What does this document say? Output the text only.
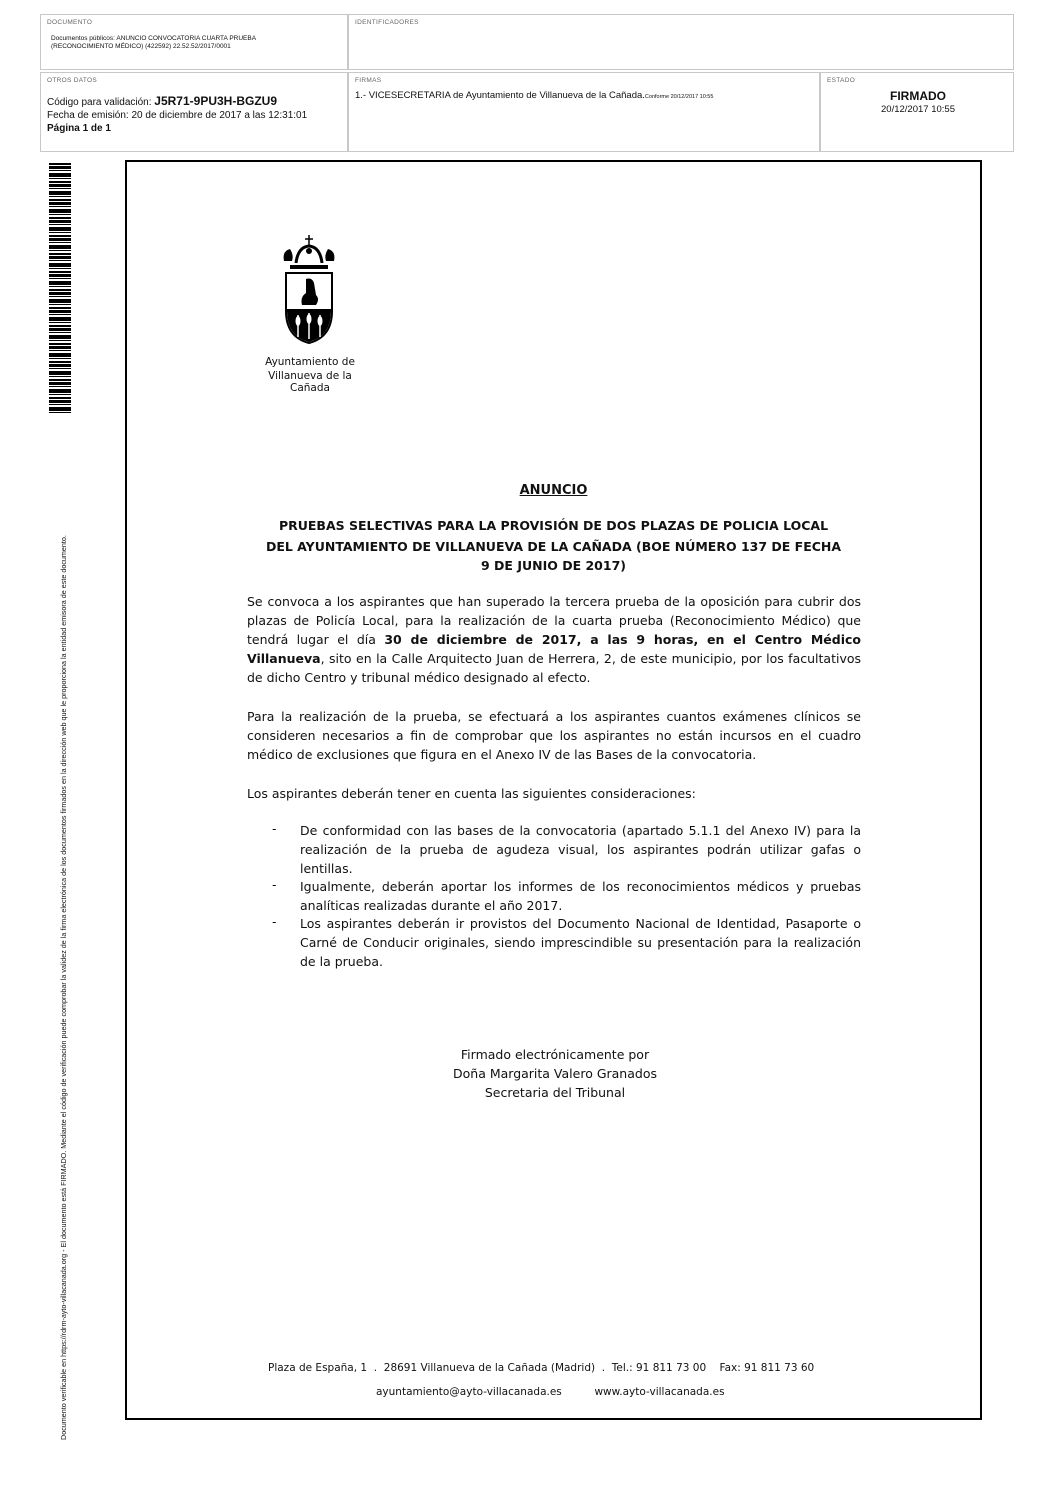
DOCUMENTO
Documentos públicos: ANUNCIO CONVOCATORIA CUARTA PRUEBA (RECONOCIMIENTO MÉDICO) (422592) 22.52.52/2017/0001
IDENTIFICADORES
OTROS DATOS
Código para validación: J5R71-9PU3H-BGZU9
Fecha de emisión: 20 de diciembre de 2017 a las 12:31:01
Página 1 de 1
FIRMAS
1.- VICESECRETARIA de Ayuntamiento de Villanueva de la Cañada.Conforme 20/12/2017 10:55
ESTADO
FIRMADO
20/12/2017 10:55
Documento verificable en https://rdrm-ayto-villacanada.org - El documento está FIRMADO. Mediante el código de verificación puede comprobar la validez de la firma electrónica de los documentos firmados en la dirección web que le proporciona la entidad emisora de este documento.
Ayuntamiento de
Villanueva de la Cañada
ANUNCIO
PRUEBAS SELECTIVAS PARA LA PROVISIÓN DE DOS PLAZAS DE POLICIA LOCAL
DEL AYUNTAMIENTO DE VILLANUEVA DE LA CAÑADA (BOE NÚMERO 137 DE FECHA
9 DE JUNIO DE 2017)
Se convoca a los aspirantes que han superado la tercera prueba de la oposición para cubrir dos plazas de Policía Local, para la realización de la cuarta prueba (Reconocimiento Médico) que tendrá lugar el día 30 de diciembre de 2017, a las 9 horas, en el Centro Médico Villanueva, sito en la Calle Arquitecto Juan de Herrera, 2, de este municipio, por los facultativos de dicho Centro y tribunal médico designado al efecto.
Para la realización de la prueba, se efectuará a los aspirantes cuantos exámenes clínicos se consideren necesarios a fin de comprobar que los aspirantes no están incursos en el cuadro médico de exclusiones que figura en el Anexo IV de las Bases de la convocatoria.
Los aspirantes deberán tener en cuenta las siguientes consideraciones:
- De conformidad con las bases de la convocatoria (apartado 5.1.1 del Anexo IV) para la realización de la prueba de agudeza visual, los aspirantes podrán utilizar gafas o lentillas.
- Igualmente, deberán aportar los informes de los reconocimientos médicos y pruebas analíticas realizadas durante el año 2017.
- Los aspirantes deberán ir provistos del Documento Nacional de Identidad, Pasaporte o Carné de Conducir originales, siendo imprescindible su presentación para la realización de la prueba.
Firmado electrónicamente por
Doña Margarita Valero Granados
Secretaria del Tribunal
Plaza de España, 1  .  28691 Villanueva de la Cañada (Madrid)  .  Tel.: 91 811 73 00    Fax: 91 811 73 60
ayuntamiento@ayto-villacanada.es	www.ayto-villacanada.es
